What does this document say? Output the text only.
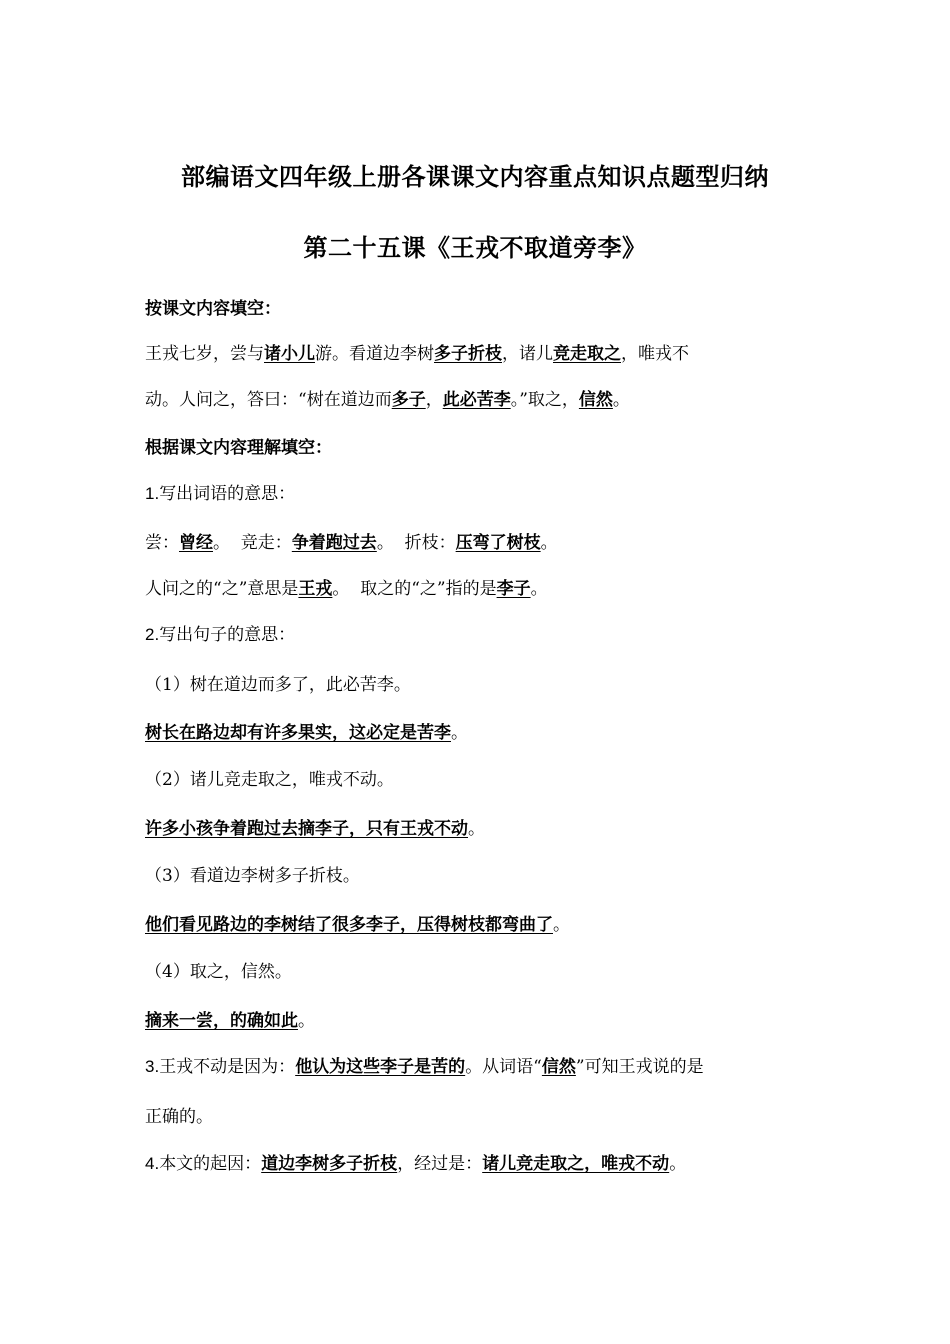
部编语文四年级上册各课课文内容重点知识点题型归纳
第二十五课《王戎不取道旁李》
按课文内容填空：
王戎七岁，尝与诸小儿游。看道边李树多子折枝，诸儿竞走取之，唯戎不
动。人问之，答曰：“树在道边而多子，此必苦李。”取之，信然。
根据课文内容理解填空：
1.写出词语的意思：
尝：曾经。  竞走：争着跑过去。  折枝：压弯了树枝。
人问之的“之”意思是王戎。  取之的“之”指的是李子。
2.写出句子的意思：
（1）树在道边而多了，此必苦李。
树长在路边却有许多果实，这必定是苦李。
（2）诸儿竞走取之，唯戎不动。
许多小孩争着跑过去摘李子，只有王戎不动。
（3）看道边李树多子折枝。
他们看见路边的李树结了很多李子，压得树枝都弯曲了。
（4）取之，信然。
摘来一尝，的确如此。
3.王戎不动是因为：他认为这些李子是苦的。从词语“信然”可知王戎说的是
正确的。
4.本文的起因：道边李树多子折枝，经过是：诸儿竞走取之，唯戎不动。
